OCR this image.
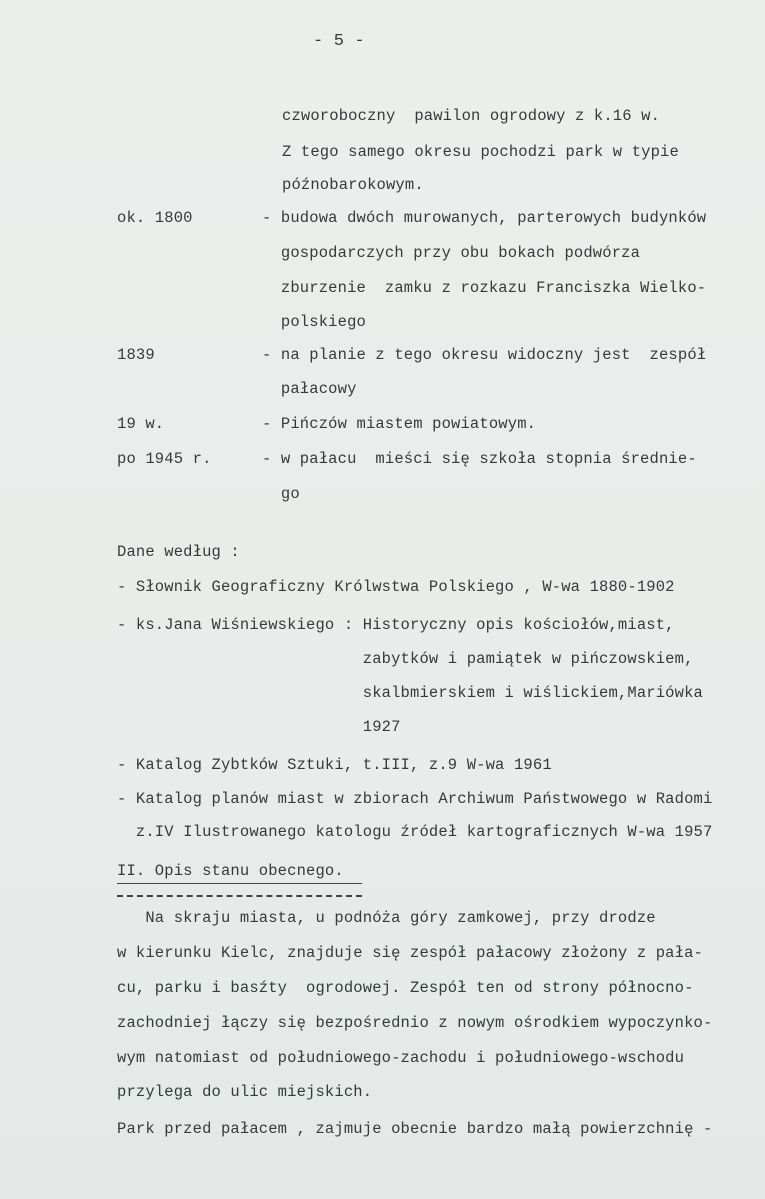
- 5 -
czworoboczny  pawilon ogrodowy z k.16 w.
Z tego samego okresu pochodzi park w typie
późnobarokowym.
ok. 1800	- budowa dwóch murowanych, parterowych budynków
gospodarczych przy obu bokach podwórza
zburzenie  zamku z rozkazu Franciszka Wielko-
polskiego
1839	- na planie z tego okresu widoczny jest  zespół
pałacowy
19 w.	- Pińczów miastem powiatowym.
po 1945 r.	- w pałacu  mieści się szkoła stopnia średnie-
go
Dane według :
- Słownik Geograficzny Królwstwa Polskiego , W-wa 1880-1902
- ks.Jana Wiśniewskiego : Historyczny opis kościołów,miast,
zabytków i pamiątek w pińczowskiem,
skalbmierskiem i wiślickiem,Mariówka
1927
- Katalog Zybtków Sztuki, t.III, z.9 W-wa 1961
- Katalog planów miast w zbiorach Archiwum Państwowego w Radomi
z.IV Ilustrowanego katologu źródeł kartograficznych W-wa 1957
II. Opis stanu obecnego.
Na skraju miasta, u podnóża góry zamkowej, przy drodze
w kierunku Kielc, znajduje się zespół pałacowy złożony z pała-
cu, parku i basźty  ogrodowej. Zespół ten od strony północno-
zachodniej łączy się bezpośrednio z nowym ośrodkiem wypoczynko-
wym natomiast od południowego-zachodu i południowego-wschodu
przylega do ulic miejskich.
Park przed pałacem , zajmuje obecnie bardzo małą powierzchnię -
